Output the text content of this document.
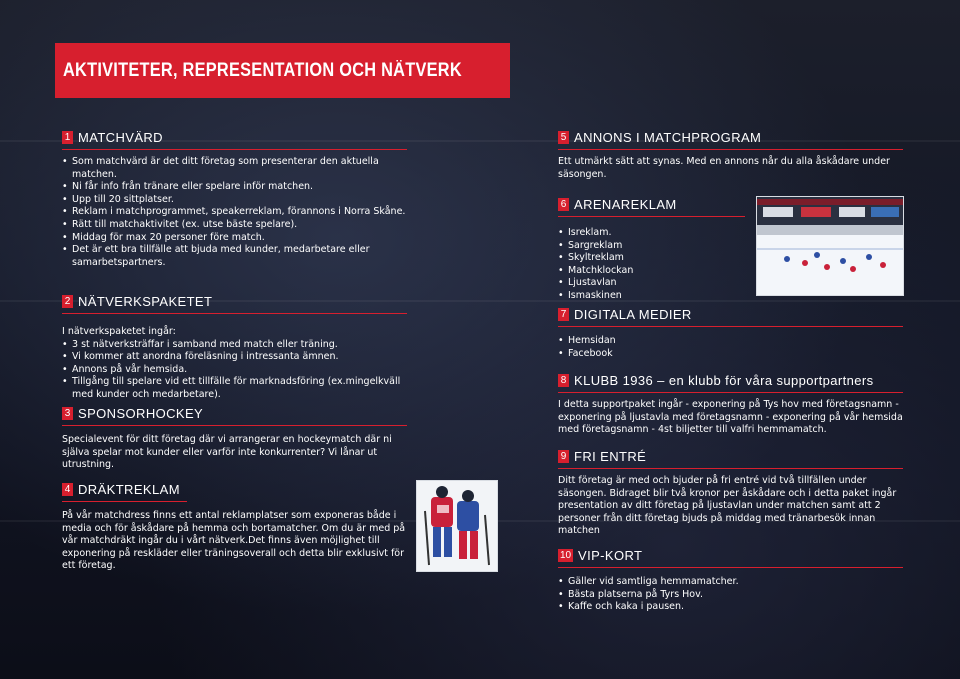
AKTIVITETER, REPRESENTATION OCH NÄTVERK
1 MATCHVÄRD
• Som matchvärd är det ditt företag som presenterar den aktuella matchen.
• Ni får info från tränare eller spelare inför matchen.
• Upp till 20 sittplatser.
• Reklam i matchprogrammet, speakerreklam, förannons i Norra Skåne.
• Rätt till matchaktivitet (ex. utse bäste spelare).
• Middag för max 20 personer före match.
• Det är ett bra tillfälle att bjuda med kunder, medarbetare eller samarbetspartners.
2 NÄTVERKSPAKETET

I nätverkspaketet ingår:

• 3 st nätverksträffar i samband med match eller träning.
• Vi kommer att anordna föreläsning i intressanta ämnen.
• Annons på vår hemsida.
• Tillgång till spelare vid ett tillfälle för marknadsföring (ex.mingelkväll med kunder och medarbetare).
3 SPONSORHOCKEY

Specialevent för ditt företag där vi arrangerar en hockeymatch där ni själva spelar mot kunder eller varför inte konkurrenter? Vi lånar ut utrustning.

4 DRÄKTREKLAM

På vår matchdress finns ett antal reklamplatser som exponeras både i media och för åskådare på hemma och bortamatcher. Om du är med på vår matchdräkt ingår du i vårt nätverk.Det finns även möjlighet till exponering på reskläder eller träningsoverall och detta blir exklusivt för ett företag.

5 ANNONS I MATCHPROGRAM

Ett utmärkt sätt att synas. Med en annons når du alla åskådare under säsongen.

6 ARENAREKLAM
• Isreklam.
• Sargreklam
• Skyltreklam
• Matchklockan
• Ljustavlan
• Ismaskinen
7 DIGITALA MEDIER
• Hemsidan
• Facebook
8 KLUBB 1936 – en klubb för våra supportpartners

I detta supportpaket ingår - exponering på Tys hov med företagsnamn - exponering på ljustavla med företagsnamn - exponering på vår hemsida med företagsnamn - 4st biljetter till valfri hemmamatch.

9 FRI ENTRÉ

Ditt företag är med och bjuder på fri entré vid två tillfällen under säsongen. Bidraget blir två kronor per åskådare och i detta paket ingår presentation av ditt företag på ljustavlan under matchen samt att 2 personer från ditt företag bjuds på middag med tränarbesök innan matchen

10 VIP-KORT
• Gäller vid samtliga hemmamatcher.
• Bästa platserna på Tyrs Hov.
• Kaffe och kaka i pausen.
